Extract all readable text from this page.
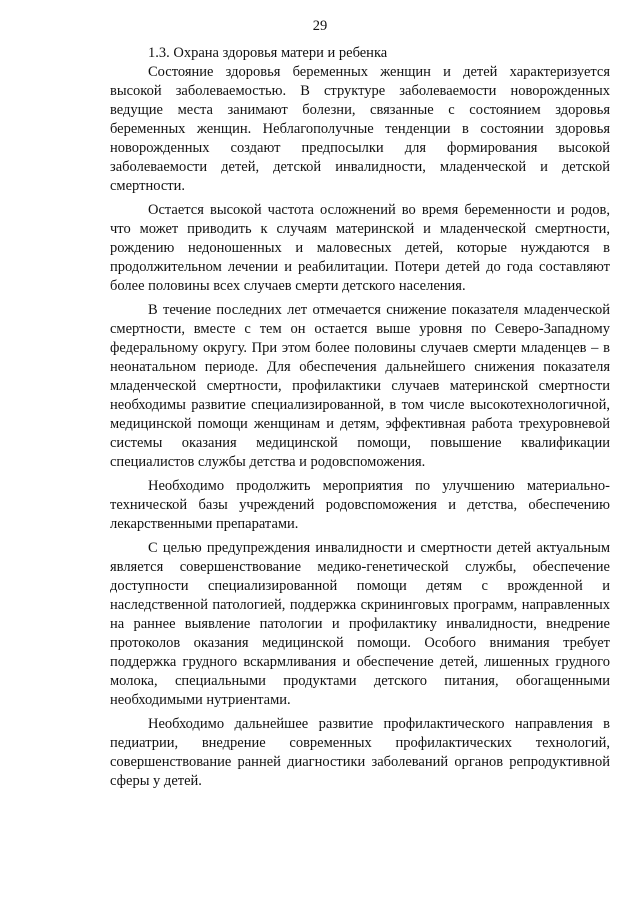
29

1.3. Охрана здоровья матери и ребенка

Состояние здоровья беременных женщин и детей характеризуется высокой заболеваемостью. В структуре заболеваемости новорожденных ведущие места занимают болезни, связанные с состоянием здоровья беременных женщин. Неблагополучные тенденции в состоянии здоровья новорожденных создают предпосылки для формирования высокой заболеваемости детей, детской инвалидности, младенческой и детской смертности.

Остается высокой частота осложнений во время беременности и родов, что может приводить к случаям материнской и младенческой смертности, рождению недоношенных и маловесных детей, которые нуждаются в продолжительном лечении и реабилитации. Потери детей до года составляют более половины всех случаев смерти детского населения.

В течение последних лет отмечается снижение показателя младенческой смертности, вместе с тем он остается выше уровня по Северо-Западному федеральному округу. При этом более половины случаев смерти младенцев – в неонатальном периоде. Для обеспечения дальнейшего снижения показателя младенческой смертности, профилактики случаев материнской смертности необходимы развитие специализированной, в том числе высокотехнологичной, медицинской помощи женщинам и детям, эффективная работа трехуровневой системы оказания медицинской помощи, повышение квалификации специалистов службы детства и родовспоможения.

Необходимо продолжить мероприятия по улучшению материально-технической базы учреждений родовспоможения и детства, обеспечению лекарственными препаратами.

С целью предупреждения инвалидности и смертности детей актуальным является совершенствование медико-генетической службы, обеспечение доступности специализированной помощи детям с врожденной и наследственной патологией, поддержка скрининговых программ, направленных на раннее выявление патологии и профилактику инвалидности, внедрение протоколов оказания медицинской помощи. Особого внимания требует поддержка грудного вскармливания и обеспечение детей, лишенных грудного молока, специальными продуктами детского питания, обогащенными необходимыми нутриентами.

Необходимо дальнейшее развитие профилактического направления в педиатрии, внедрение современных профилактических технологий, совершенствование ранней диагностики заболеваний органов репродуктивной сферы у детей.
